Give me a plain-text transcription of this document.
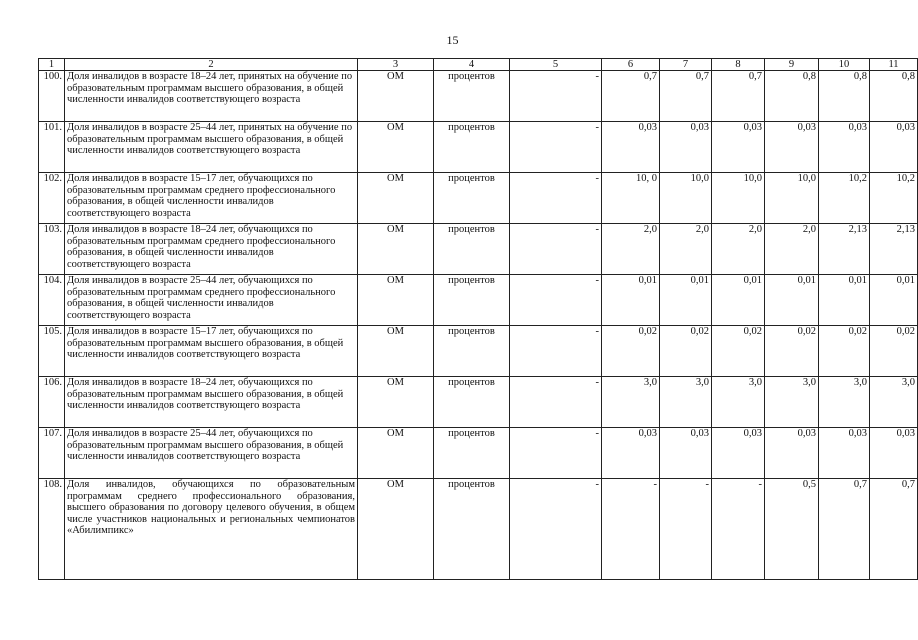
15
1	2	3	4	5	6	7	8	9	10	11
100.	Доля инвалидов в возрасте 18–24 лет, принятых на обучение по образовательным программам высшего образования, в общей численности инвалидов соответствующего возраста	ОМ	процентов	-	0,7	0,7	0,7	0,8	0,8	0,8
101.	Доля инвалидов в возрасте 25–44 лет, принятых на обучение по образовательным программам высшего образования, в общей численности инвалидов соответствующего возраста	ОМ	процентов	-	0,03	0,03	0,03	0,03	0,03	0,03
102.	Доля инвалидов в возрасте 15–17 лет, обучающихся по образовательным программам среднего профессионального образования, в общей численности инвалидов соответствующего возраста	ОМ	процентов	-	10, 0	10,0	10,0	10,0	10,2	10,2
103.	Доля инвалидов в возрасте 18–24 лет, обучающихся по образовательным программам среднего профессионального образования, в общей численности инвалидов соответствующего возраста	ОМ	процентов	-	2,0	2,0	2,0	2,0	2,13	2,13
104.	Доля инвалидов в возрасте 25–44 лет, обучающихся по образовательным программам среднего профессионального образования, в общей численности инвалидов соответствующего возраста	ОМ	процентов	-	0,01	0,01	0,01	0,01	0,01	0,01
105.	Доля инвалидов в возрасте 15–17 лет, обучающихся по образовательным программам высшего образования, в общей численности инвалидов соответствующего возраста	ОМ	процентов	-	0,02	0,02	0,02	0,02	0,02	0,02
106.	Доля инвалидов в возрасте 18–24 лет, обучающихся по образовательным программам высшего образования, в общей численности инвалидов соответствующего возраста	ОМ	процентов	-	3,0	3,0	3,0	3,0	3,0	3,0
107.	Доля инвалидов в возрасте 25–44 лет, обучающихся по образовательным программам высшего образования, в общей численности инвалидов соответствующего возраста	ОМ	процентов	-	0,03	0,03	0,03	0,03	0,03	0,03
108.	Доля инвалидов, обучающихся по образовательным программам среднего профессионального образования, высшего образования по договору целевого обучения, в общем числе участников национальных и региональных чемпионатов «Абилимпикс»	ОМ	процентов	-	-	-	-	0,5	0,7	0,7
